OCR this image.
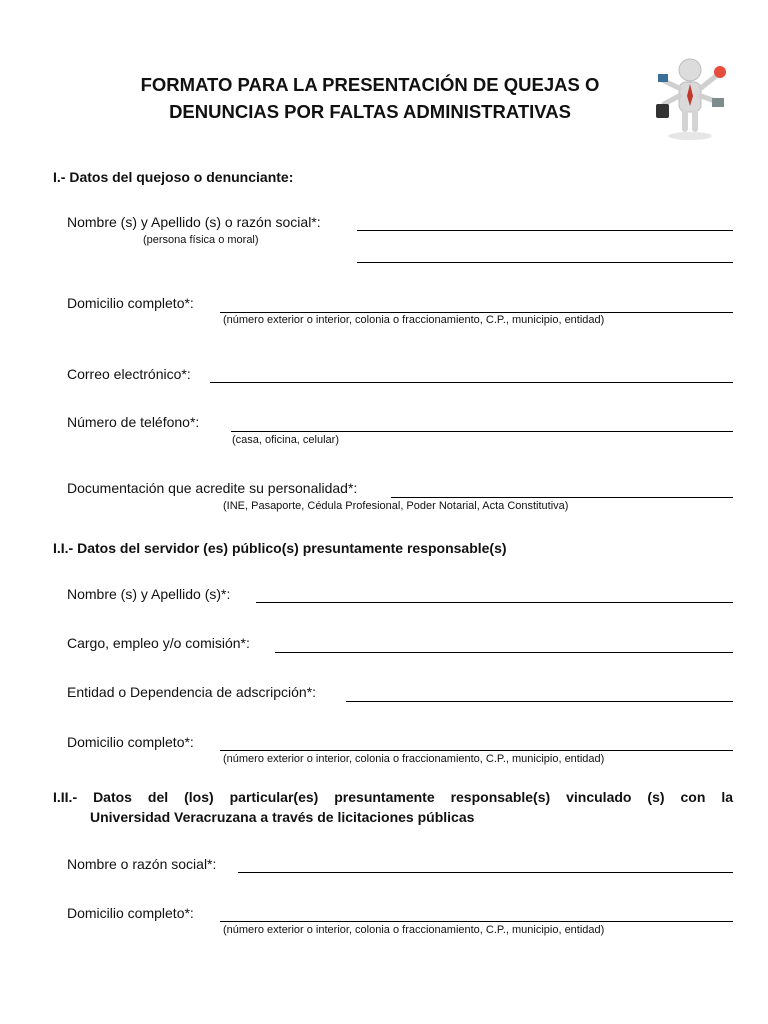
FORMATO PARA LA PRESENTACIÓN DE QUEJAS O
DENUNCIAS POR FALTAS ADMINISTRATIVAS
I.- Datos del quejoso o denunciante:
Nombre (s) y Apellido (s) o razón social*:
(persona física o moral)
Domicilio completo*:
(número exterior o interior, colonia o fraccionamiento, C.P., municipio, entidad)
Correo electrónico*:
Número de teléfono*:
(casa, oficina, celular)
Documentación que acredite su personalidad*:
(INE, Pasaporte, Cédula Profesional, Poder Notarial, Acta Constitutiva)
I.I.- Datos del servidor (es) público(s) presuntamente responsable(s)
Nombre (s) y Apellido (s)*:
Cargo, empleo y/o comisión*:
Entidad o Dependencia de adscripción*:
Domicilio completo*:
(número exterior o interior, colonia o fraccionamiento, C.P., municipio, entidad)
I.II.- Datos del (los) particular(es) presuntamente responsable(s) vinculado (s) con la
Universidad Veracruzana a través de licitaciones públicas
Nombre o razón social*:
Domicilio completo*:
(número exterior o interior, colonia o fraccionamiento, C.P., municipio, entidad)
